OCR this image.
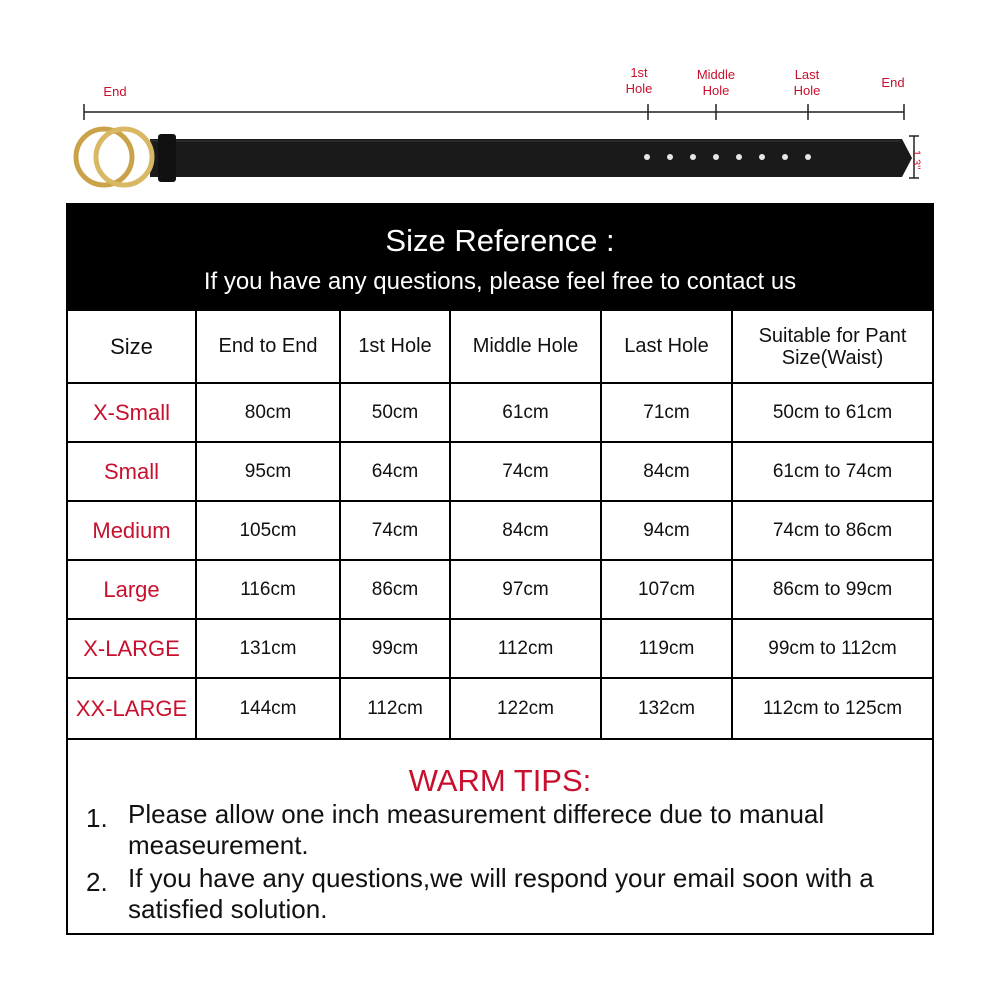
End
1st
Hole
Middle
Hole
Last
Hole
End
1.3''
Size Reference :
If you have any questions, please feel free to contact us
Size	End to End	1st Hole	Middle Hole	Last Hole	Suitable for Pant
Size(Waist)

X-Small	80cm	50cm	61cm	71cm	50cm to 61cm
Small	95cm	64cm	74cm	84cm	61cm to 74cm
Medium	105cm	74cm	84cm	94cm	74cm to 86cm
Large	116cm	86cm	97cm	107cm	86cm to 99cm
X-LARGE	131cm	99cm	112cm	119cm	99cm to 112cm
XX-LARGE	144cm	112cm	122cm	132cm	112cm to 125cm
WARM TIPS:
1. Please allow one inch measurement differece due to manual measeurement.
2. If you have any questions,we will respond your email soon with a satisfied solution.
